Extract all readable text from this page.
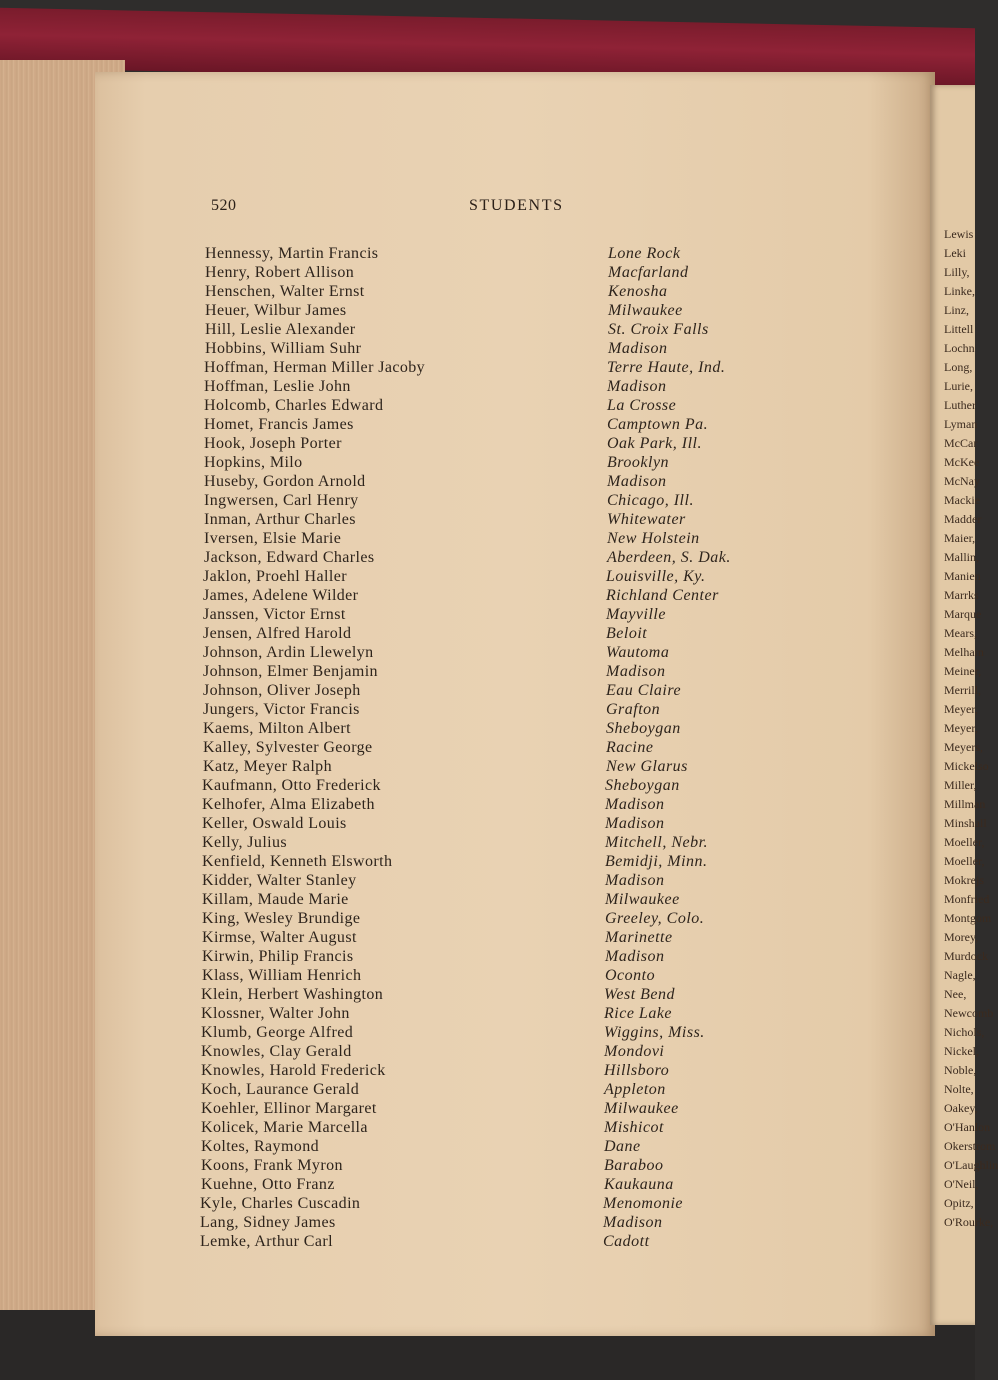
Lewis
Leki
Lilly,
Linke,
Linz,
Littell
Lochn
Long,
Lurie,
Luther
Lyman
McCar
McKee
McNay
Mackie
Madder
Maier,
Mallin,
Manien
Marrks
Marque
Mears,
Melham
Meiner,
Merrill,
Meyer,
Meyer,
Meyers,
Mickelso
Miller,
Millman
Minshall
Moeller,
Moeller,
Mokrejs
Monfried
Montgom
Morey,
Murdock
Nagle,
Nee,
Newcomb
Nichols,
Nickel,
Noble,
Nolte,
Oakey,
O'Hanlon
Okerstrom
O'Laughlin
O'Neil,
Opitz,
O'Rourke,
520	STUDENTS
Hennessy, Martin Francis	Lone Rock
Henry, Robert Allison	Macfarland
Henschen, Walter Ernst	Kenosha
Heuer, Wilbur James	Milwaukee
Hill, Leslie Alexander	St. Croix Falls
Hobbins, William Suhr	Madison
Hoffman, Herman Miller Jacoby	Terre Haute, Ind.
Hoffman, Leslie John	Madison
Holcomb, Charles Edward	La Crosse
Homet, Francis James	Camptown Pa.
Hook, Joseph Porter	Oak Park, Ill.
Hopkins, Milo	Brooklyn
Huseby, Gordon Arnold	Madison
Ingwersen, Carl Henry	Chicago, Ill.
Inman, Arthur Charles	Whitewater
Iversen, Elsie Marie	New Holstein
Jackson, Edward Charles	Aberdeen, S. Dak.
Jaklon, Proehl Haller	Louisville, Ky.
James, Adelene Wilder	Richland Center
Janssen, Victor Ernst	Mayville
Jensen, Alfred Harold	Beloit
Johnson, Ardin Llewelyn	Wautoma
Johnson, Elmer Benjamin	Madison
Johnson, Oliver Joseph	Eau Claire
Jungers, Victor Francis	Grafton
Kaems, Milton Albert	Sheboygan
Kalley, Sylvester George	Racine
Katz, Meyer Ralph	New Glarus
Kaufmann, Otto Frederick	Sheboygan
Kelhofer, Alma Elizabeth	Madison
Keller, Oswald Louis	Madison
Kelly, Julius	Mitchell, Nebr.
Kenfield, Kenneth Elsworth	Bemidji, Minn.
Kidder, Walter Stanley	Madison
Killam, Maude Marie	Milwaukee
King, Wesley Brundige	Greeley, Colo.
Kirmse, Walter August	Marinette
Kirwin, Philip Francis	Madison
Klass, William Henrich	Oconto
Klein, Herbert Washington	West Bend
Klossner, Walter John	Rice Lake
Klumb, George Alfred	Wiggins, Miss.
Knowles, Clay Gerald	Mondovi
Knowles, Harold Frederick	Hillsboro
Koch, Laurance Gerald	Appleton
Koehler, Ellinor Margaret	Milwaukee
Kolicek, Marie Marcella	Mishicot
Koltes, Raymond	Dane
Koons, Frank Myron	Baraboo
Kuehne, Otto Franz	Kaukauna
Kyle, Charles Cuscadin	Menomonie
Lang, Sidney James	Madison
Lemke, Arthur Carl	Cadott
